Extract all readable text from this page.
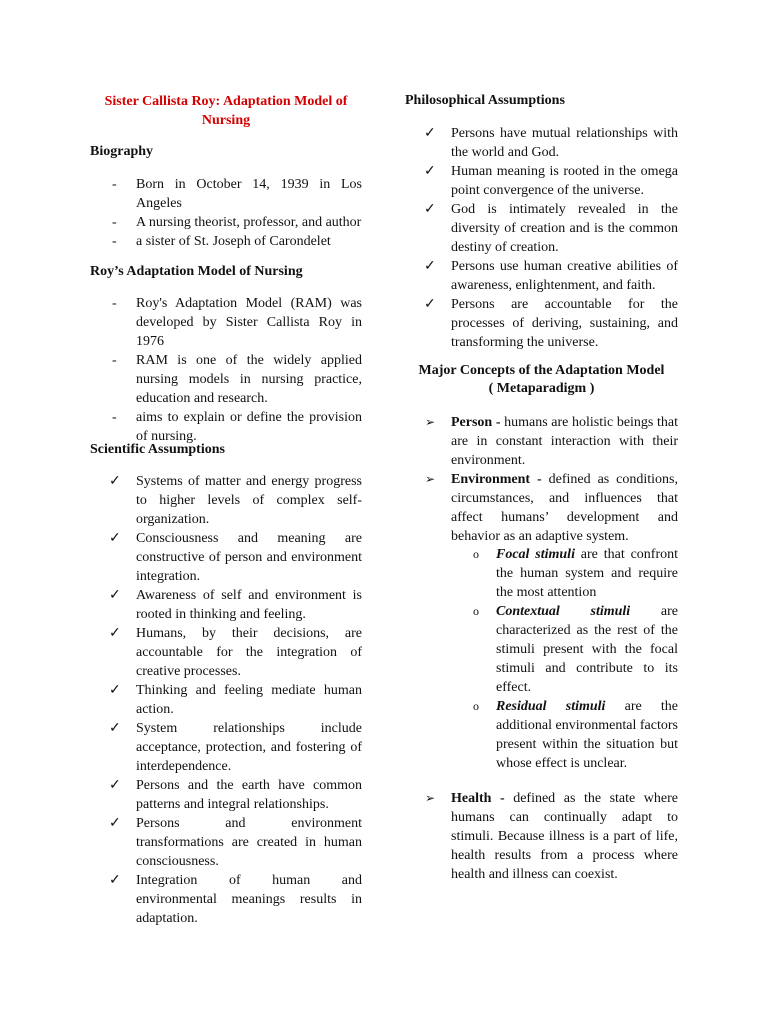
Sister Callista Roy: Adaptation Model of Nursing
Biography
- Born in October 14, 1939 in Los Angeles
- A nursing theorist, professor, and author
- a sister of St. Joseph of Carondelet
Roy’s Adaptation Model of Nursing
- Roy's Adaptation Model (RAM) was developed by Sister Callista Roy in 1976
- RAM is one of the widely applied nursing models in nursing practice, education and research.
- aims to explain or define the provision of nursing.
Scientific Assumptions
✓ Systems of matter and energy progress to higher levels of complex self-organization.
✓ Consciousness and meaning are constructive of person and environment integration.
✓ Awareness of self and environment is rooted in thinking and feeling.
✓ Humans, by their decisions, are accountable for the integration of creative processes.
✓ Thinking and feeling mediate human action.
✓ System relationships include acceptance, protection, and fostering of interdependence.
✓ Persons and the earth have common patterns and integral relationships.
✓ Persons and environment transformations are created in human consciousness.
✓ Integration of human and environmental meanings results in adaptation.
Philosophical Assumptions
✓ Persons have mutual relationships with the world and God.
✓ Human meaning is rooted in the omega point convergence of the universe.
✓ God is intimately revealed in the diversity of creation and is the common destiny of creation.
✓ Persons use human creative abilities of awareness, enlightenment, and faith.
✓ Persons are accountable for the processes of deriving, sustaining, and transforming the universe.
Major Concepts of the Adaptation Model
( Metaparadigm )
➢ Person - humans are holistic beings that are in constant interaction with their environment.
➢ Environment - defined as conditions, circumstances, and influences that affect humans’ development and behavior as an adaptive system.
o Focal stimuli are that confront the human system and require the most attention
o Contextual stimuli are characterized as the rest of the stimuli present with the focal stimuli and contribute to its effect.
o Residual stimuli are the additional environmental factors present within the situation but whose effect is unclear.
➢ Health - defined as the state where humans can continually adapt to stimuli. Because illness is a part of life, health results from a process where health and illness can coexist.
